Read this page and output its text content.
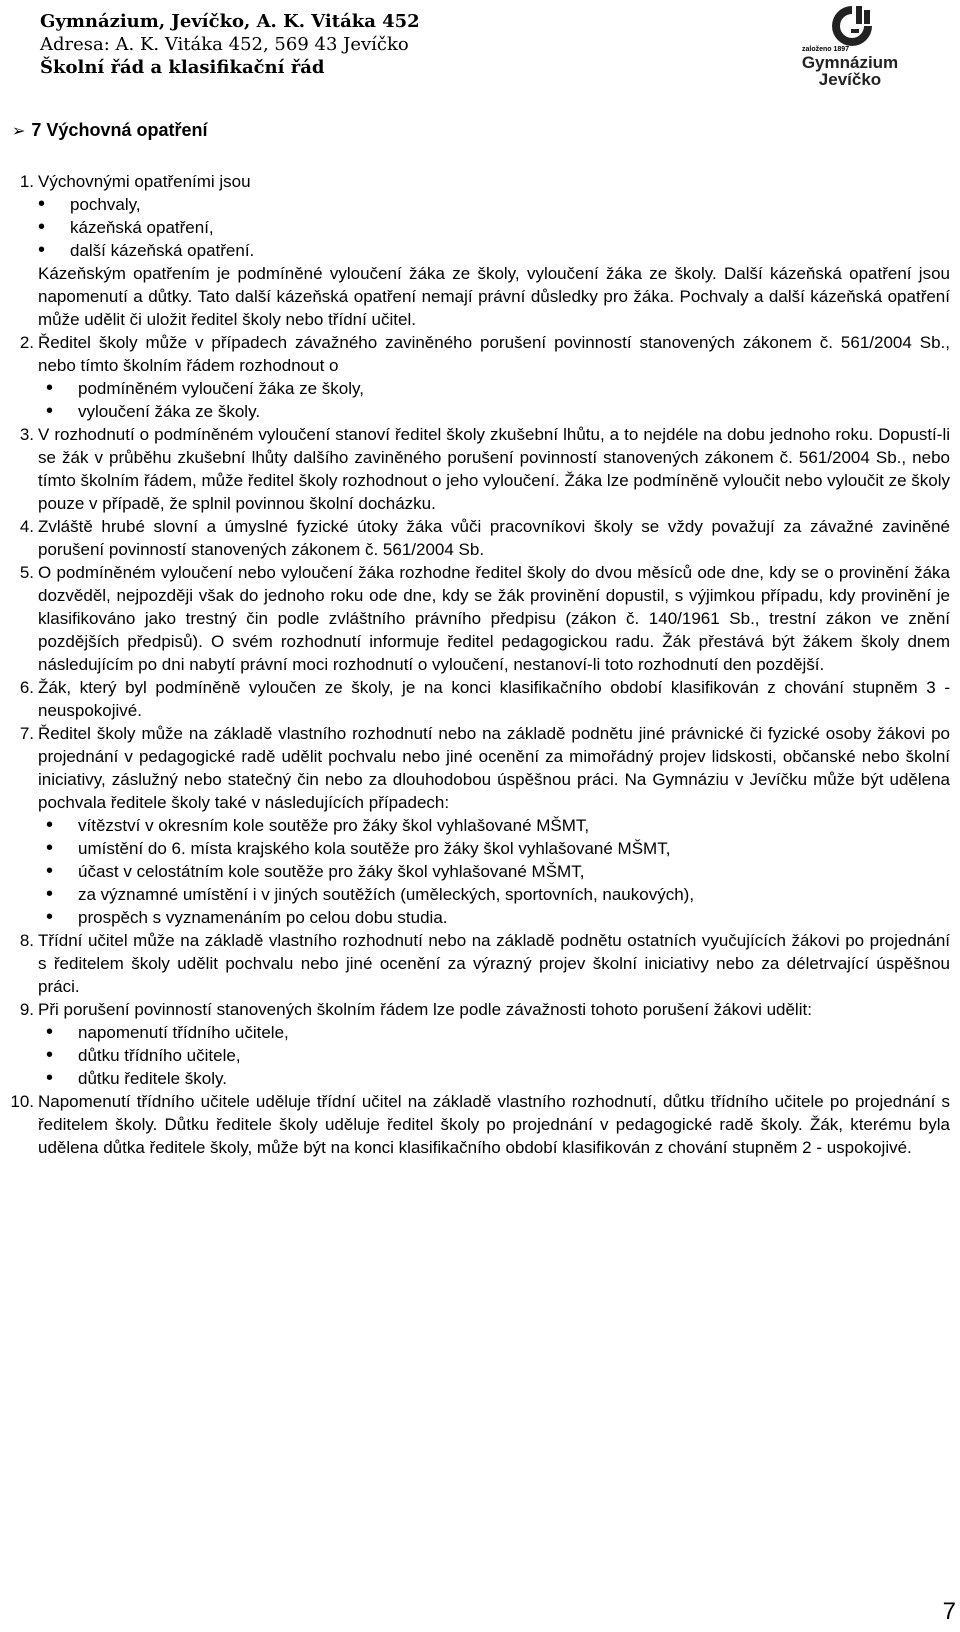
Gymnázium, Jevíčko, A. K. Vitáka 452
Adresa: A. K. Vitáka 452, 569 43 Jevíčko
Školní řád a klasifikační řád
založeno 1897
Gymnázium
Jevíčko
➢ 7 Výchovná opatření
1. Výchovnými opatřeními jsou

• pochvaly,
• kázeňská opatření,
• další kázeňská opatření.

Kázeňským opatřením je podmíněné vyloučení žáka ze školy, vyloučení žáka ze školy. Další kázeňská opatření jsou napomenutí a důtky. Tato další kázeňská opatření nemají právní důsledky pro žáka. Pochvaly a další kázeňská opatření může udělit či uložit ředitel školy nebo třídní učitel.

2. Ředitel školy může v případech závažného zaviněného porušení povinností stanovených zákonem č. 561/2004 Sb., nebo tímto školním řádem rozhodnout o

• podmíněném vyloučení žáka ze školy,
• vyloučení žáka ze školy.
3. V rozhodnutí o podmíněném vyloučení stanoví ředitel školy zkušební lhůtu, a to nejdéle na dobu jednoho roku. Dopustí-li se žák v průběhu zkušební lhůty dalšího zaviněného porušení povinností stanovených zákonem č. 561/2004 Sb., nebo tímto školním řádem, může ředitel školy rozhodnout o jeho vyloučení. Žáka lze podmíněně vyloučit nebo vyloučit ze školy pouze v případě, že splnil povinnou školní docházku.

4. Zvláště hrubé slovní a úmyslné fyzické útoky žáka vůči pracovníkovi školy se vždy považují za závažné zaviněné porušení povinností stanovených zákonem č. 561/2004 Sb.

5. O podmíněném vyloučení nebo vyloučení žáka rozhodne ředitel školy do dvou měsíců ode dne, kdy se o provinění žáka dozvěděl, nejpozději však do jednoho roku ode dne, kdy se žák provinění dopustil, s výjimkou případu, kdy provinění je klasifikováno jako trestný čin podle zvláštního právního předpisu (zákon č. 140/1961 Sb., trestní zákon ve znění pozdějších předpisů). O svém rozhodnutí informuje ředitel pedagogickou radu. Žák přestává být žákem školy dnem následujícím po dni nabytí právní moci rozhodnutí o vyloučení, nestanoví-li toto rozhodnutí den pozdější.

6. Žák, který byl podmíněně vyloučen ze školy, je na konci klasifikačního období klasifikován z chování stupněm 3 - neuspokojivé.

7. Ředitel školy může na základě vlastního rozhodnutí nebo na základě podnětu jiné právnické či fyzické osoby žákovi po projednání v pedagogické radě udělit pochvalu nebo jiné ocenění za mimořádný projev lidskosti, občanské nebo školní iniciativy, záslužný nebo statečný čin nebo za dlouhodobou úspěšnou práci. Na Gymnáziu v Jevíčku může být udělena pochvala ředitele školy také v následujících případech:

• vítězství v okresním kole soutěže pro žáky škol vyhlašované MŠMT,
• umístění do 6. místa krajského kola soutěže pro žáky škol vyhlašované MŠMT,
• účast v celostátním kole soutěže pro žáky škol vyhlašované MŠMT,
• za významné umístění i v jiných soutěžích (uměleckých, sportovních, naukových),
• prospěch s vyznamenáním po celou dobu studia.
8. Třídní učitel může na základě vlastního rozhodnutí nebo na základě podnětu ostatních vyučujících žákovi po projednání s ředitelem školy udělit pochvalu nebo jiné ocenění za výrazný projev školní iniciativy nebo za déletrvající úspěšnou práci.

9. Při porušení povinností stanovených školním řádem lze podle závažnosti tohoto porušení žákovi udělit:

• napomenutí třídního učitele,
• důtku třídního učitele,
• důtku ředitele školy.
10. Napomenutí třídního učitele uděluje třídní učitel na základě vlastního rozhodnutí, důtku třídního učitele po projednání s ředitelem školy. Důtku ředitele školy uděluje ředitel školy po projednání v pedagogické radě školy. Žák, kterému byla udělena důtka ředitele školy, může být na konci klasifikačního období klasifikován z chování stupněm 2 - uspokojivé.

7
